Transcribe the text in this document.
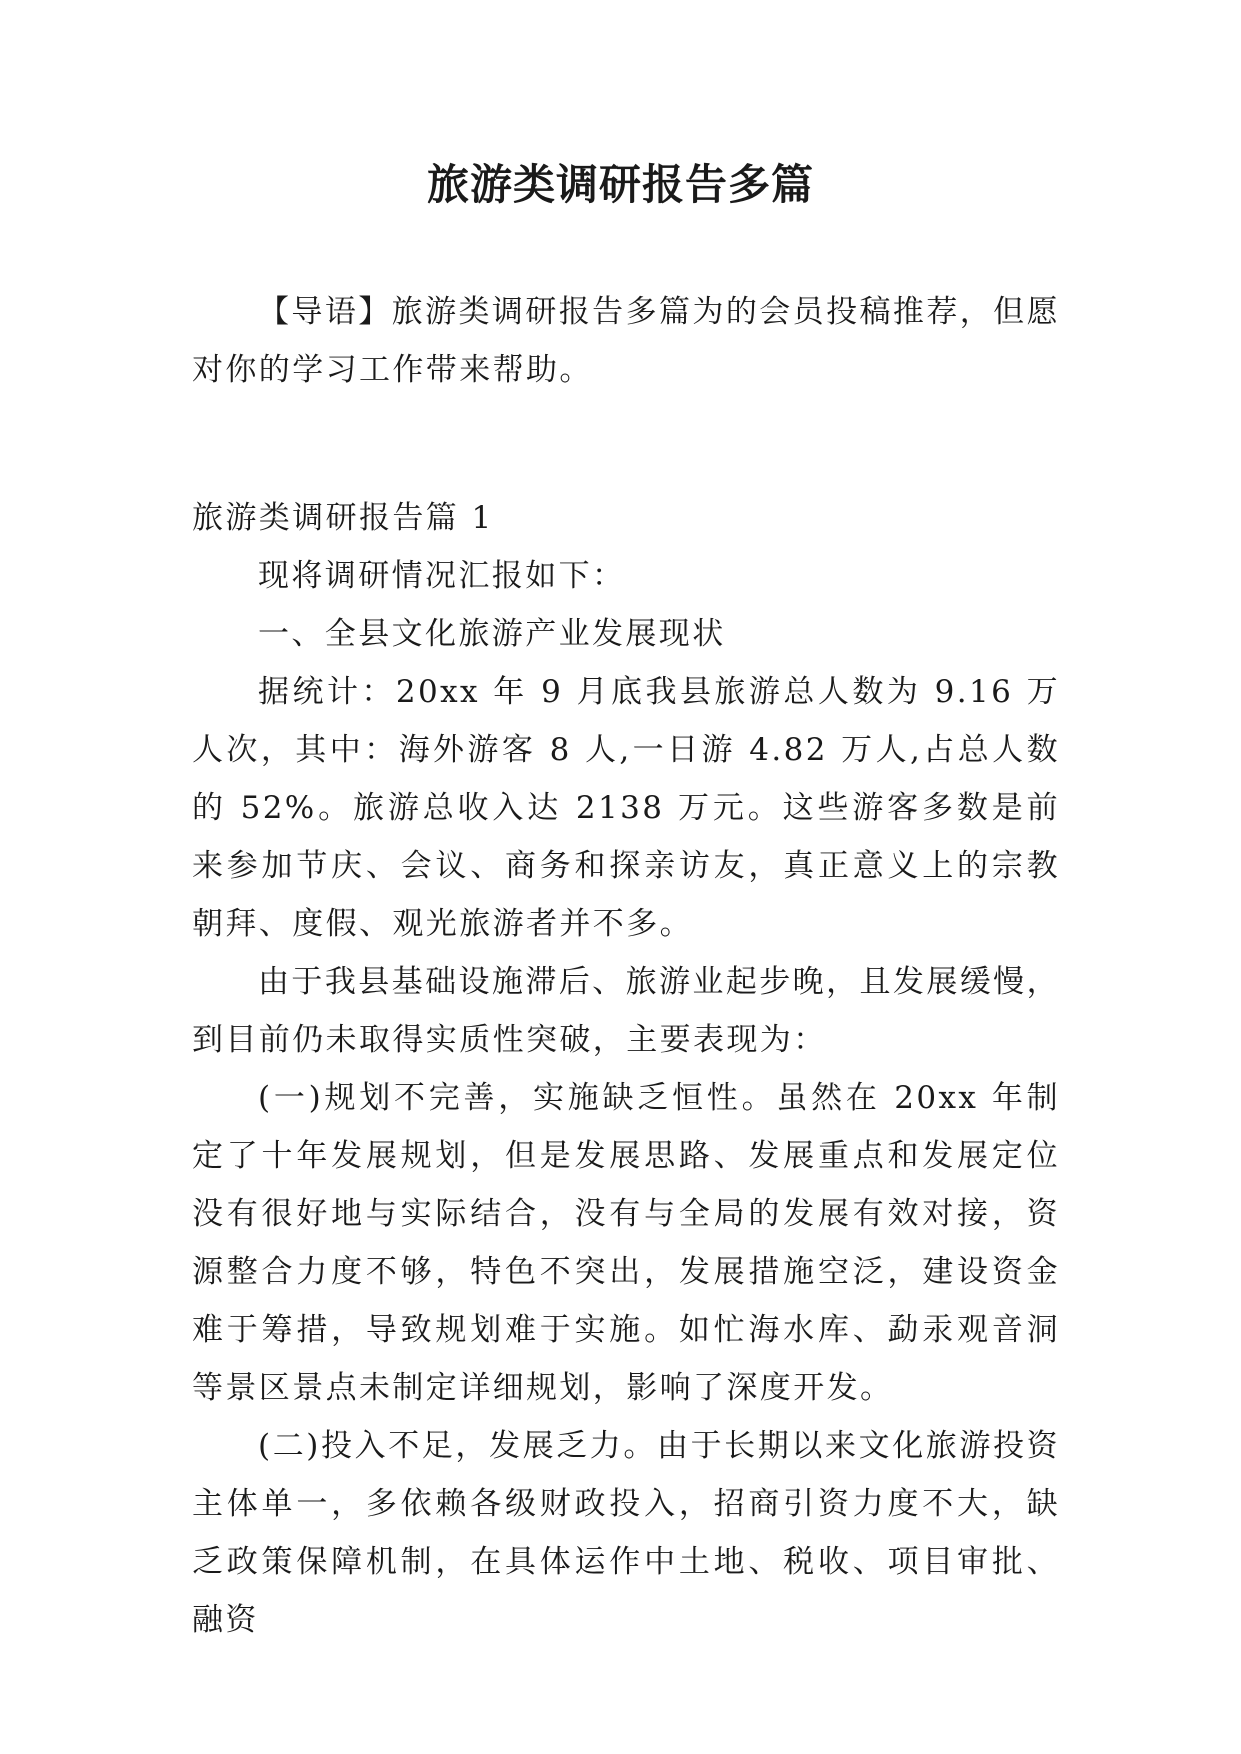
旅游类调研报告多篇

【导语】旅游类调研报告多篇为的会员投稿推荐，但愿对你的学习工作带来帮助。

旅游类调研报告篇 1

现将调研情况汇报如下：

一、全县文化旅游产业发展现状

据统计：20xx 年 9 月底我县旅游总人数为 9.16 万人次，其中：海外游客 8 人,一日游 4.82 万人,占总人数的 52%。旅游总收入达 2138 万元。这些游客多数是前来参加节庆、会议、商务和探亲访友，真正意义上的宗教朝拜、度假、观光旅游者并不多。

由于我县基础设施滞后、旅游业起步晚，且发展缓慢，到目前仍未取得实质性突破，主要表现为：

(一)规划不完善，实施缺乏恒性。虽然在 20xx 年制定了十年发展规划，但是发展思路、发展重点和发展定位没有很好地与实际结合，没有与全局的发展有效对接，资源整合力度不够，特色不突出，发展措施空泛，建设资金难于筹措，导致规划难于实施。如忙海水库、勐汞观音洞等景区景点未制定详细规划，影响了深度开发。

(二)投入不足，发展乏力。由于长期以来文化旅游投资主体单一，多依赖各级财政投入，招商引资力度不大，缺乏政策保障机制，在具体运作中土地、税收、项目审批、融资
